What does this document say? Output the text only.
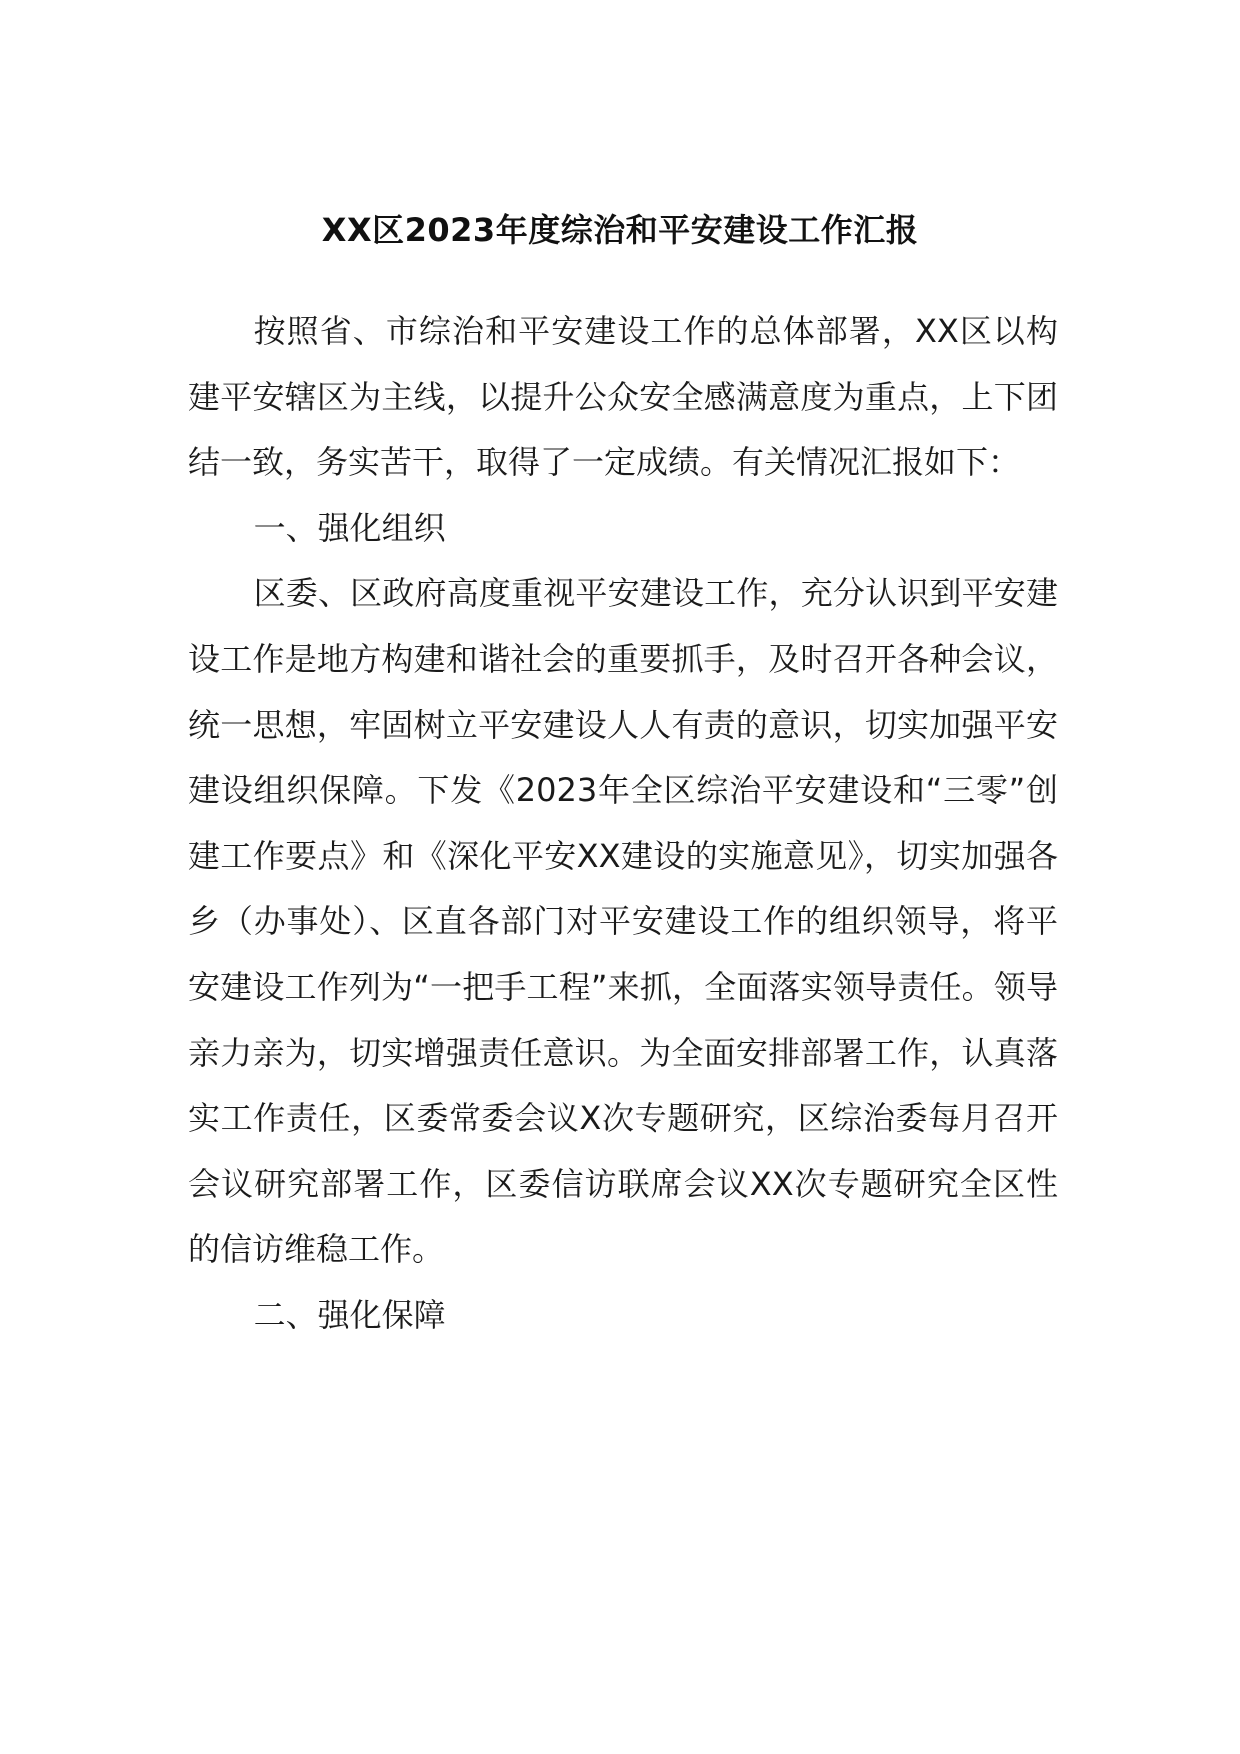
XX区2023年度综治和平安建设工作汇报

按照省、市综治和平安建设工作的总体部署，XX区以构建平安辖区为主线，以提升公众安全感满意度为重点，上下团结一致，务实苦干，取得了一定成绩。有关情况汇报如下：

一、强化组织

区委、区政府高度重视平安建设工作，充分认识到平安建设工作是地方构建和谐社会的重要抓手，及时召开各种会议，统一思想，牢固树立平安建设人人有责的意识，切实加强平安建设组织保障。下发《2023年全区综治平安建设和“三零”创建工作要点》和《深化平安XX建设的实施意见》，切实加强各乡（办事处）、区直各部门对平安建设工作的组织领导，将平安建设工作列为“一把手工程”来抓，全面落实领导责任。领导亲力亲为，切实增强责任意识。为全面安排部署工作，认真落实工作责任，区委常委会议X次专题研究，区综治委每月召开会议研究部署工作，区委信访联席会议XX次专题研究全区性的信访维稳工作。

二、强化保障
